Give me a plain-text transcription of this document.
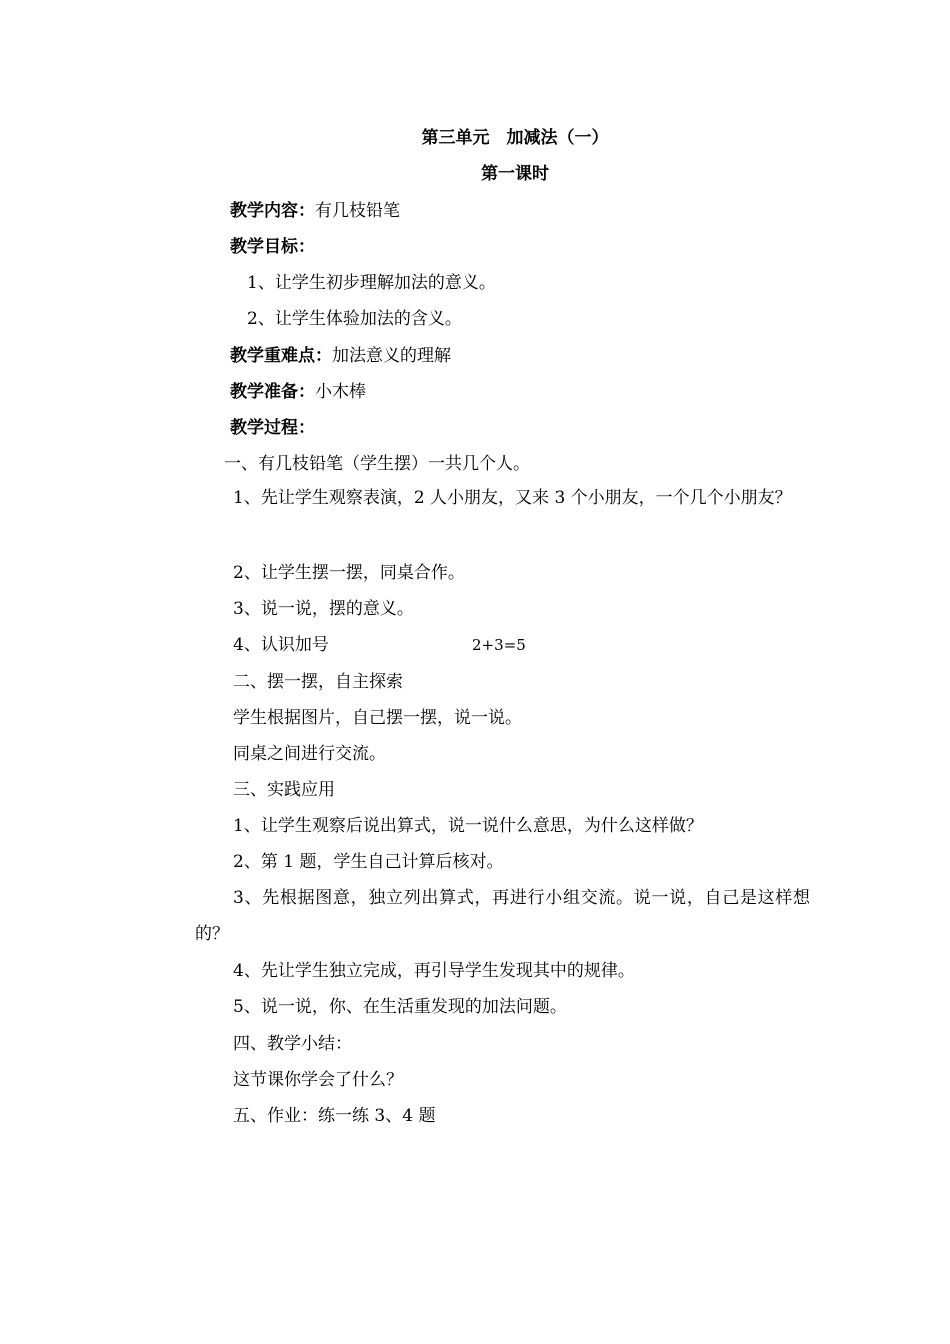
第三单元　加减法（一）
第一课时
教学内容：有几枝铅笔
教学目标：
1、让学生初步理解加法的意义。
2、让学生体验加法的含义。
教学重难点：加法意义的理解
教学准备：小木棒
教学过程：
一、有几枝铅笔（学生摆）一共几个人。
1、先让学生观察表演，2 人小朋友，又来 3 个小朋友，一个几个小朋友？
2、让学生摆一摆，同桌合作。
3、说一说，摆的意义。
4、认识加号	2+3=5
二、摆一摆，自主探索
学生根据图片，自己摆一摆，说一说。
同桌之间进行交流。
三、实践应用
1、让学生观察后说出算式，说一说什么意思，为什么这样做？
2、第 1 题，学生自己计算后核对。
3、先根据图意，独立列出算式，再进行小组交流。说一说，自己是这样想的？
4、先让学生独立完成，再引导学生发现其中的规律。
5、说一说，你、在生活重发现的加法问题。
四、教学小结：
这节课你学会了什么？
五、作业：练一练 3、4 题
